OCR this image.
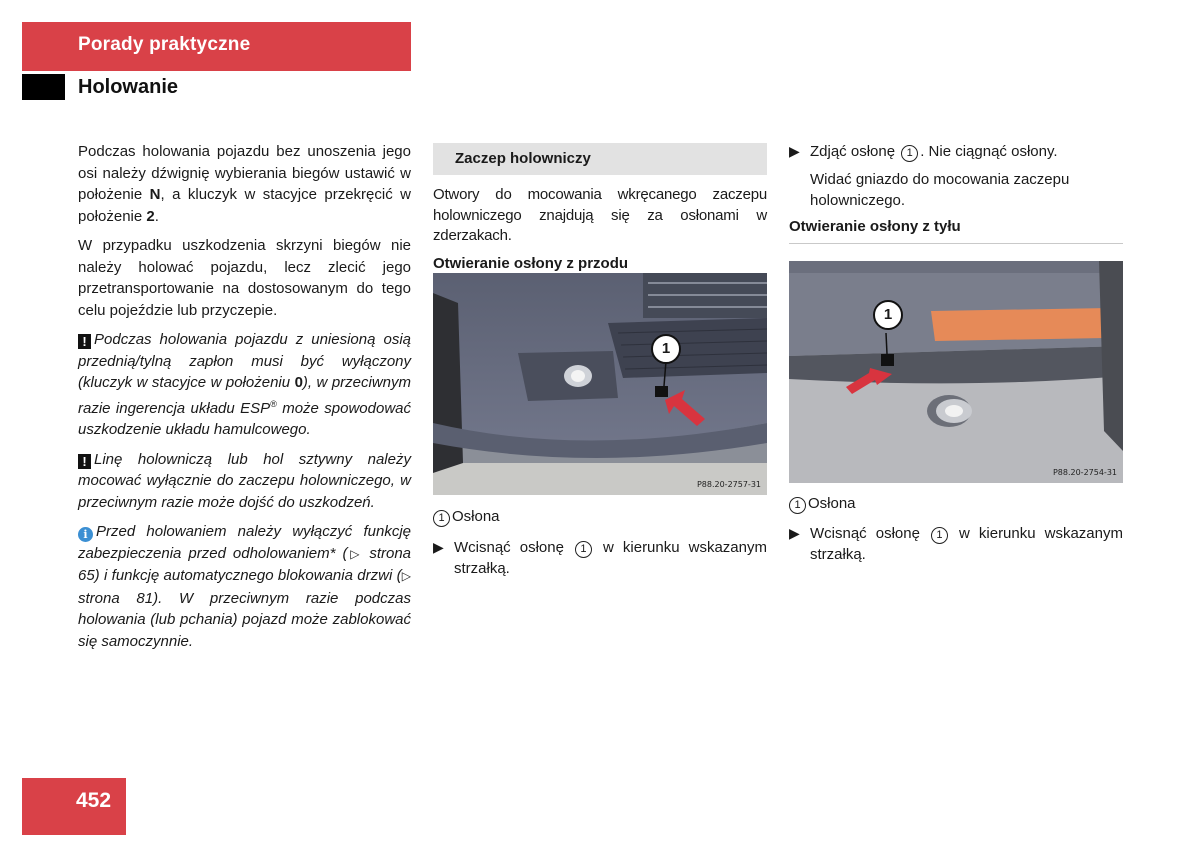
Porady praktyczne
Holowanie

Podczas holowania pojazdu bez unoszenia jego osi należy dźwignię wybierania biegów ustawić w położenie N, a kluczyk w stacyjce przekręcić w położenie 2.

W przypadku uszkodzenia skrzyni biegów nie należy holować pojazdu, lecz zlecić jego przetransportowanie na dostosowanym do tego celu pojeździe lub przyczepie.

! Podczas holowania pojazdu z uniesioną osią przednią/tylną zapłon musi być wyłączony (kluczyk w stacyjce w położeniu 0), w przeciwnym razie ingerencja układu ESP® może spowodować uszkodzenie układu hamulcowego.

! Linę holowniczą lub hol sztywny należy mocować wyłącznie do zaczepu holowniczego, w przeciwnym razie może dojść do uszkodzeń.

i Przed holowaniem należy wyłączyć funkcję zabezpieczenia przed odholowaniem* (▷ strona 65) i funkcję automatycznego blokowania drzwi (▷ strona 81). W przeciwnym razie podczas holowania (lub pchania) pojazd może zablokować się samoczynnie.

Zaczep holowniczy

Otwory do mocowania wkręcanego zaczepu holowniczego znajdują się za osłonami w zderzakach.

Otwieranie osłony z przodu

1
P88.20-2757-31

1 Osłona

▶ Wcisnąć osłonę 1 w kierunku wskazanym strzałką.

▶ Zdjąć osłonę 1 . Nie ciągnąć osłony.

Widać gniazdo do mocowania zaczepu holowniczego.

Otwieranie osłony z tyłu

1
P88.20-2754-31

1 Osłona

▶ Wcisnąć osłonę 1 w kierunku wskazanym strzałką.

452
